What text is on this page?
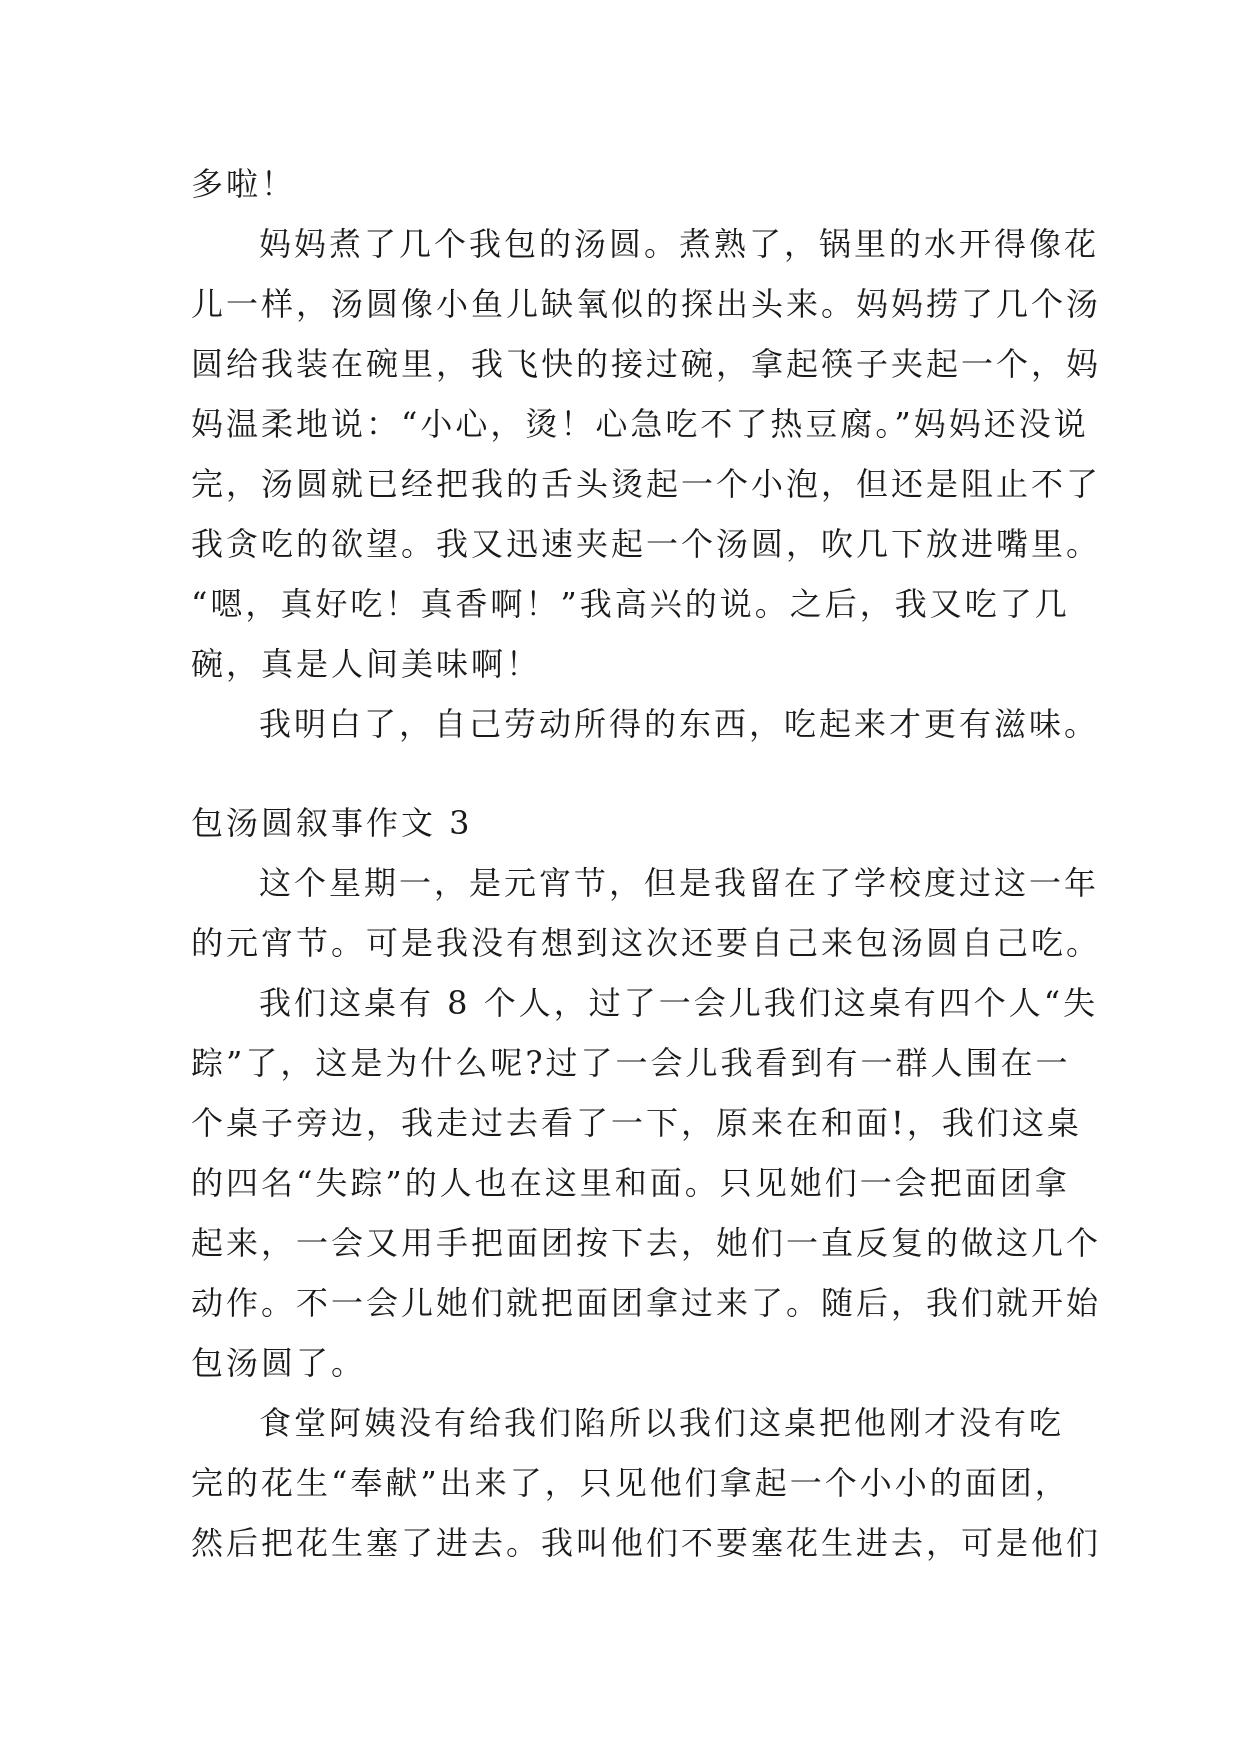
多啦！
妈妈煮了几个我包的汤圆。煮熟了，锅里的水开得像花
儿一样，汤圆像小鱼儿缺氧似的探出头来。妈妈捞了几个汤
圆给我装在碗里，我飞快的接过碗，拿起筷子夹起一个，妈
妈温柔地说：“小心，烫！心急吃不了热豆腐。”妈妈还没说
完，汤圆就已经把我的舌头烫起一个小泡，但还是阻止不了
我贪吃的欲望。我又迅速夹起一个汤圆，吹几下放进嘴里。
“嗯，真好吃！真香啊！”我高兴的说。之后，我又吃了几
碗，真是人间美味啊！
我明白了，自己劳动所得的东西，吃起来才更有滋味。
包汤圆叙事作文 3
这个星期一，是元宵节，但是我留在了学校度过这一年
的元宵节。可是我没有想到这次还要自己来包汤圆自己吃。
我们这桌有 8 个人，过了一会儿我们这桌有四个人“失
踪”了，这是为什么呢?过了一会儿我看到有一群人围在一
个桌子旁边，我走过去看了一下，原来在和面!，我们这桌
的四名“失踪”的人也在这里和面。只见她们一会把面团拿
起来，一会又用手把面团按下去，她们一直反复的做这几个
动作。不一会儿她们就把面团拿过来了。随后，我们就开始
包汤圆了。
食堂阿姨没有给我们陷所以我们这桌把他刚才没有吃
完的花生“奉献”出来了，只见他们拿起一个小小的面团，
然后把花生塞了进去。我叫他们不要塞花生进去，可是他们
